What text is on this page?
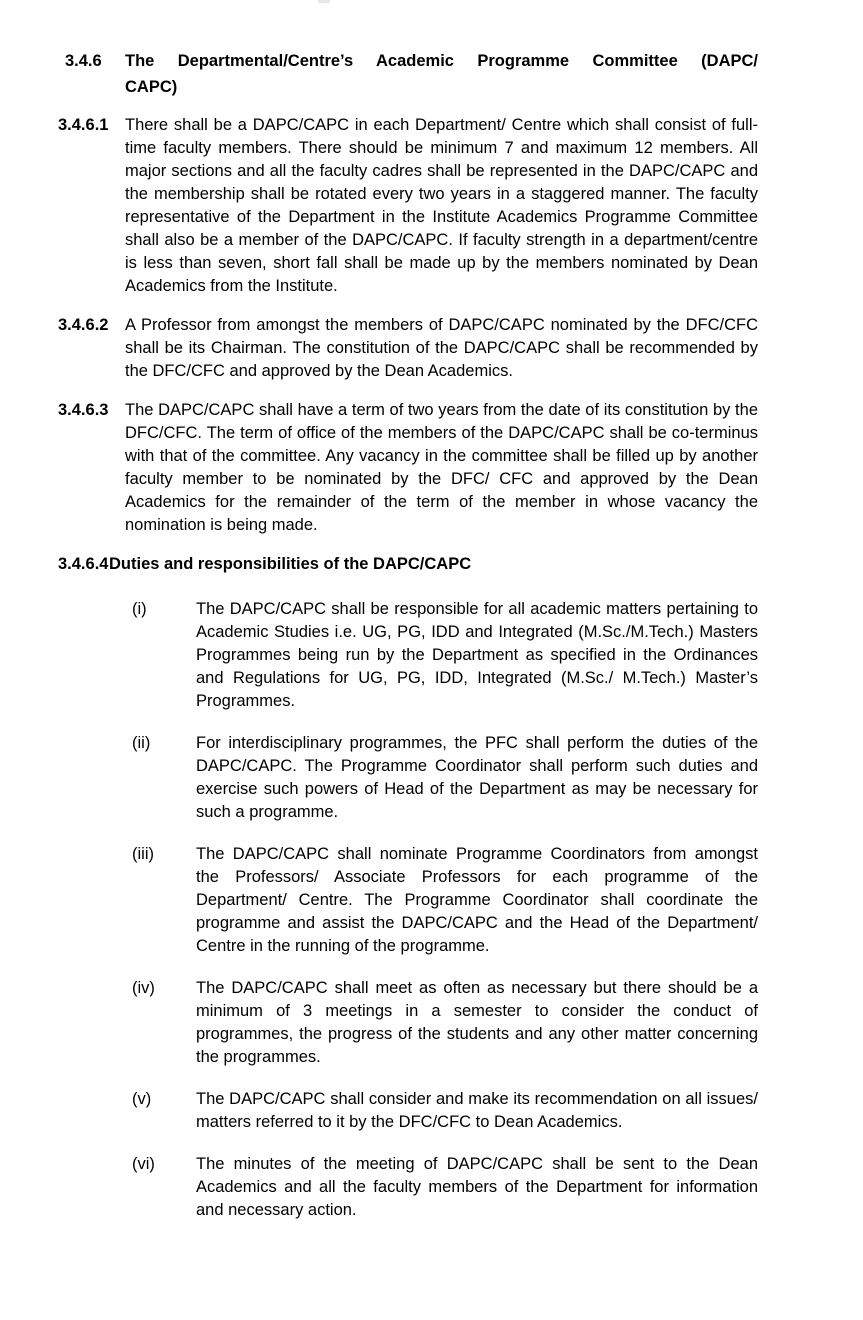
3.4.6 The Departmental/Centre’s Academic Programme Committee (DAPC/
CAPC)
3.4.6.1 There shall be a DAPC/CAPC in each Department/ Centre which shall consist of full-time faculty members. There should be minimum 7 and maximum 12 members. All major sections and all the faculty cadres shall be represented in the DAPC/CAPC and the membership shall be rotated every two years in a staggered manner. The faculty representative of the Department in the Institute Academics Programme Committee shall also be a member of the DAPC/CAPC. If faculty strength in a department/centre is less than seven, short fall shall be made up by the members nominated by Dean Academics from the Institute.

3.4.6.2 A Professor from amongst the members of DAPC/CAPC nominated by the DFC/CFC shall be its Chairman. The constitution of the DAPC/CAPC shall be recommended by the DFC/CFC and approved by the Dean Academics.

3.4.6.3 The DAPC/CAPC shall have a term of two years from the date of its constitution by the DFC/CFC. The term of office of the members of the DAPC/CAPC shall be co-terminus with that of the committee. Any vacancy in the committee shall be filled up by another faculty member to be nominated by the DFC/ CFC and approved by the Dean Academics for the remainder of the term of the member in whose vacancy the nomination is being made.

3.4.6.4 Duties and responsibilities of the DAPC/CAPC
(i)	The DAPC/CAPC shall be responsible for all academic matters pertaining to Academic Studies i.e. UG, PG, IDD and Integrated (M.Sc./M.Tech.) Masters Programmes being run by the Department as specified in the Ordinances and Regulations for UG, PG, IDD, Integrated (M.Sc./ M.Tech.) Master’s Programmes.

(ii)	For interdisciplinary programmes, the PFC shall perform the duties of the DAPC/CAPC. The Programme Coordinator shall perform such duties and exercise such powers of Head of the Department as may be necessary for such a programme.

(iii)	The DAPC/CAPC shall nominate Programme Coordinators from amongst the Professors/ Associate Professors for each programme of the Department/ Centre. The Programme Coordinator shall coordinate the programme and assist the DAPC/CAPC and the Head of the Department/ Centre in the running of the programme.

(iv)	The DAPC/CAPC shall meet as often as necessary but there should be a minimum of 3 meetings in a semester to consider the conduct of programmes, the progress of the students and any other matter concerning the programmes.

(v)	The DAPC/CAPC shall consider and make its recommendation on all issues/ matters referred to it by the DFC/CFC to Dean Academics.

(vi)	The minutes of the meeting of DAPC/CAPC shall be sent to the Dean Academics and all the faculty members of the Department for information and necessary action.
